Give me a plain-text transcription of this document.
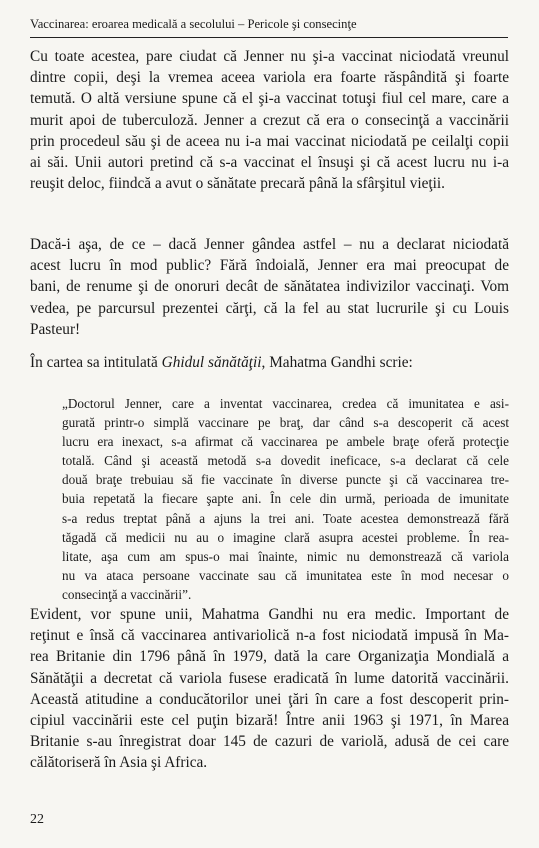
Vaccinarea: eroarea medicală a secolului – Pericole şi consecinţe

Cu toate acestea, pare ciudat că Jenner nu şi-a vaccinat niciodată vreunul
dintre copii, deşi la vremea aceea variola era foarte răspândită şi foarte
temută. O altă versiune spune că el şi-a vaccinat totuşi fiul cel mare, care a
murit apoi de tuberculoză. Jenner a crezut că era o consecinţă a vaccinării
prin procedeul său şi de aceea nu i-a mai vaccinat niciodată pe ceilalţi copii
ai săi. Unii autori pretind că s-a vaccinat el însuşi şi că acest lucru nu i-a
reuşit deloc, fiindcă a avut o sănătate precară până la sfârşitul vieţii.

Dacă-i aşa, de ce – dacă Jenner gândea astfel – nu a declarat niciodată
acest lucru în mod public? Fără îndoială, Jenner era mai preocupat de
bani, de renume şi de onoruri decât de sănătatea indivizilor vaccinaţi. Vom
vedea, pe parcursul prezentei cărţi, că la fel au stat lucrurile şi cu Louis
Pasteur!

În cartea sa intitulată Ghidul sănătăţii, Mahatma Gandhi scrie:

„Doctorul Jenner, care a inventat vaccinarea, credea că imunitatea e asi-
gurată printr-o simplă vaccinare pe braţ, dar când s-a descoperit că acest
lucru era inexact, s-a afirmat că vaccinarea pe ambele braţe oferă protecţie
totală. Când şi această metodă s-a dovedit ineficace, s-a declarat că cele
două braţe trebuiau să fie vaccinate în diverse puncte şi că vaccinarea tre-
buia repetată la fiecare şapte ani. În cele din urmă, perioada de imunitate
s-a redus treptat până a ajuns la trei ani. Toate acestea demonstrează fără
tăgadă că medicii nu au o imagine clară asupra acestei probleme. În rea-
litate, aşa cum am spus-o mai înainte, nimic nu demonstrează că variola
nu va ataca persoane vaccinate sau că imunitatea este în mod necesar o
consecinţă a vaccinării”.

Evident, vor spune unii, Mahatma Gandhi nu era medic. Important de
reţinut e însă că vaccinarea antivariolică n-a fost niciodată impusă în Ma-
rea Britanie din 1796 până în 1979, dată la care Organizaţia Mondială a
Sănătăţii a decretat că variola fusese eradicată în lume datorită vaccinării.
Această atitudine a conducătorilor unei ţări în care a fost descoperit prin-
cipiul vaccinării este cel puţin bizară! Între anii 1963 şi 1971, în Marea
Britanie s-au înregistrat doar 145 de cazuri de variolă, adusă de cei care
călătoriseră în Asia şi Africa.

22
